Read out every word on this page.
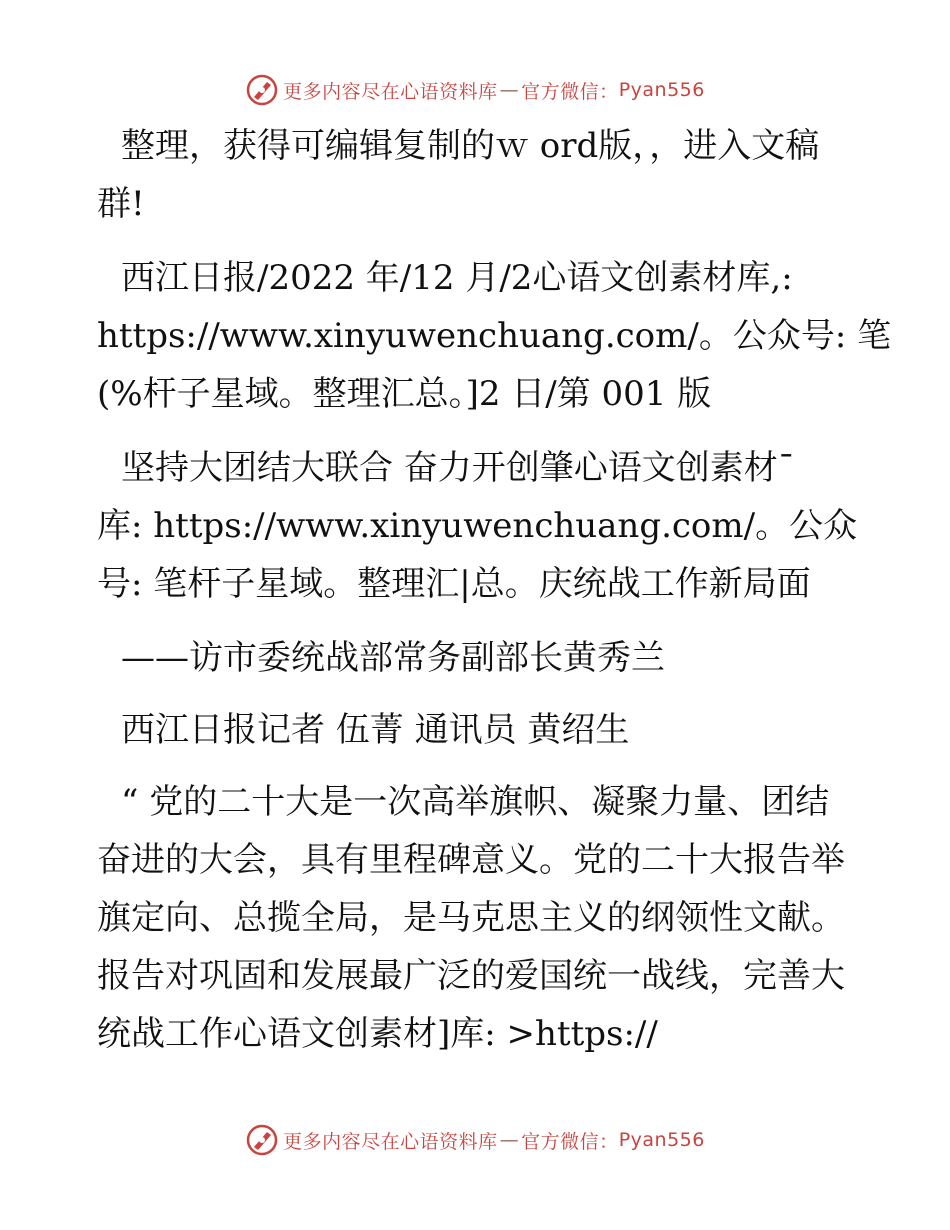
更多内容尽在心语资料库 — 官方微信： Pyan556

整理，获得可编辑复制的ｗ ord版，，进入文稿
群!

西江日报/2022 年/12 月/2心语文创素材库,:
https://www.xinyuwenchuang.com/。公众号: 笔
(%杆子星域。整理汇总。]2 日/第 001 版

坚持大团结大联合 奋力开创肇心语文创素材¯
库: https://www.xinyuwenchuang.com/。公众
号: 笔杆子星域。整理汇|总。庆统战工作新局面

——访市委统战部常务副部长黄秀兰

西江日报记者 伍菁 通讯员 黄绍生

“ 党的二十大是一次高举旗帜、凝聚力量、团结
奋进的大会，具有里程碑意义。党的二十大报告举
旗定向、总揽全局，是马克思主义的纲领性文献。
报告对巩固和发展最广泛的爱国统一战线，完善大
统战工作心语文创素材]库: >https://

更多内容尽在心语资料库 — 官方微信： Pyan556
